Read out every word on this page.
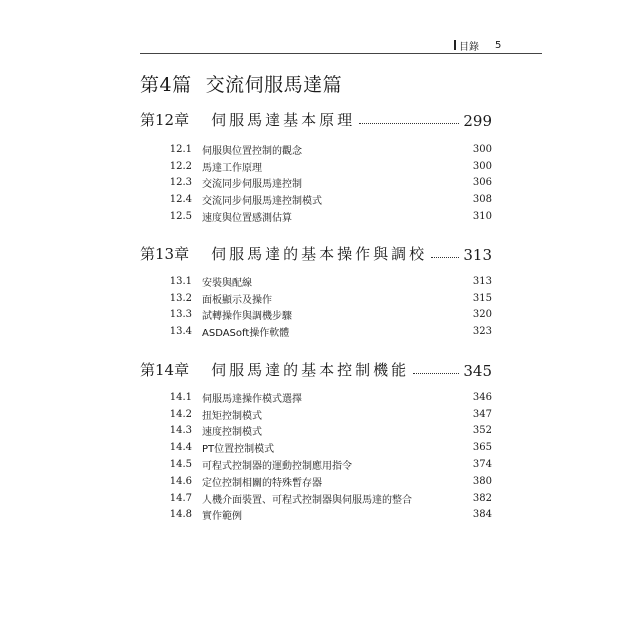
目錄 5
第4篇 交流伺服馬達篇
第12章 伺服馬達基本原理	299
12.1 伺服與位置控制的觀念	300
12.2 馬達工作原理	300
12.3 交流同步伺服馬達控制	306
12.4 交流同步伺服馬達控制模式	308
12.5 速度與位置感測估算	310
第13章 伺服馬達的基本操作與調校 313
13.1 安裝與配線	313
13.2 面板顯示及操作	315
13.3 試轉操作與調機步驟	320
13.4 ASDASoft操作軟體	323
第14章 伺服馬達的基本控制機能	345
14.1 伺服馬達操作模式選擇	346
14.2 扭矩控制模式	347
14.3 速度控制模式	352
14.4 PT位置控制模式	365
14.5 可程式控制器的運動控制應用指令	374
14.6 定位控制相關的特殊暫存器	380
14.7 人機介面裝置、可程式控制器與伺服馬達的整合	382
14.8 實作範例	384
